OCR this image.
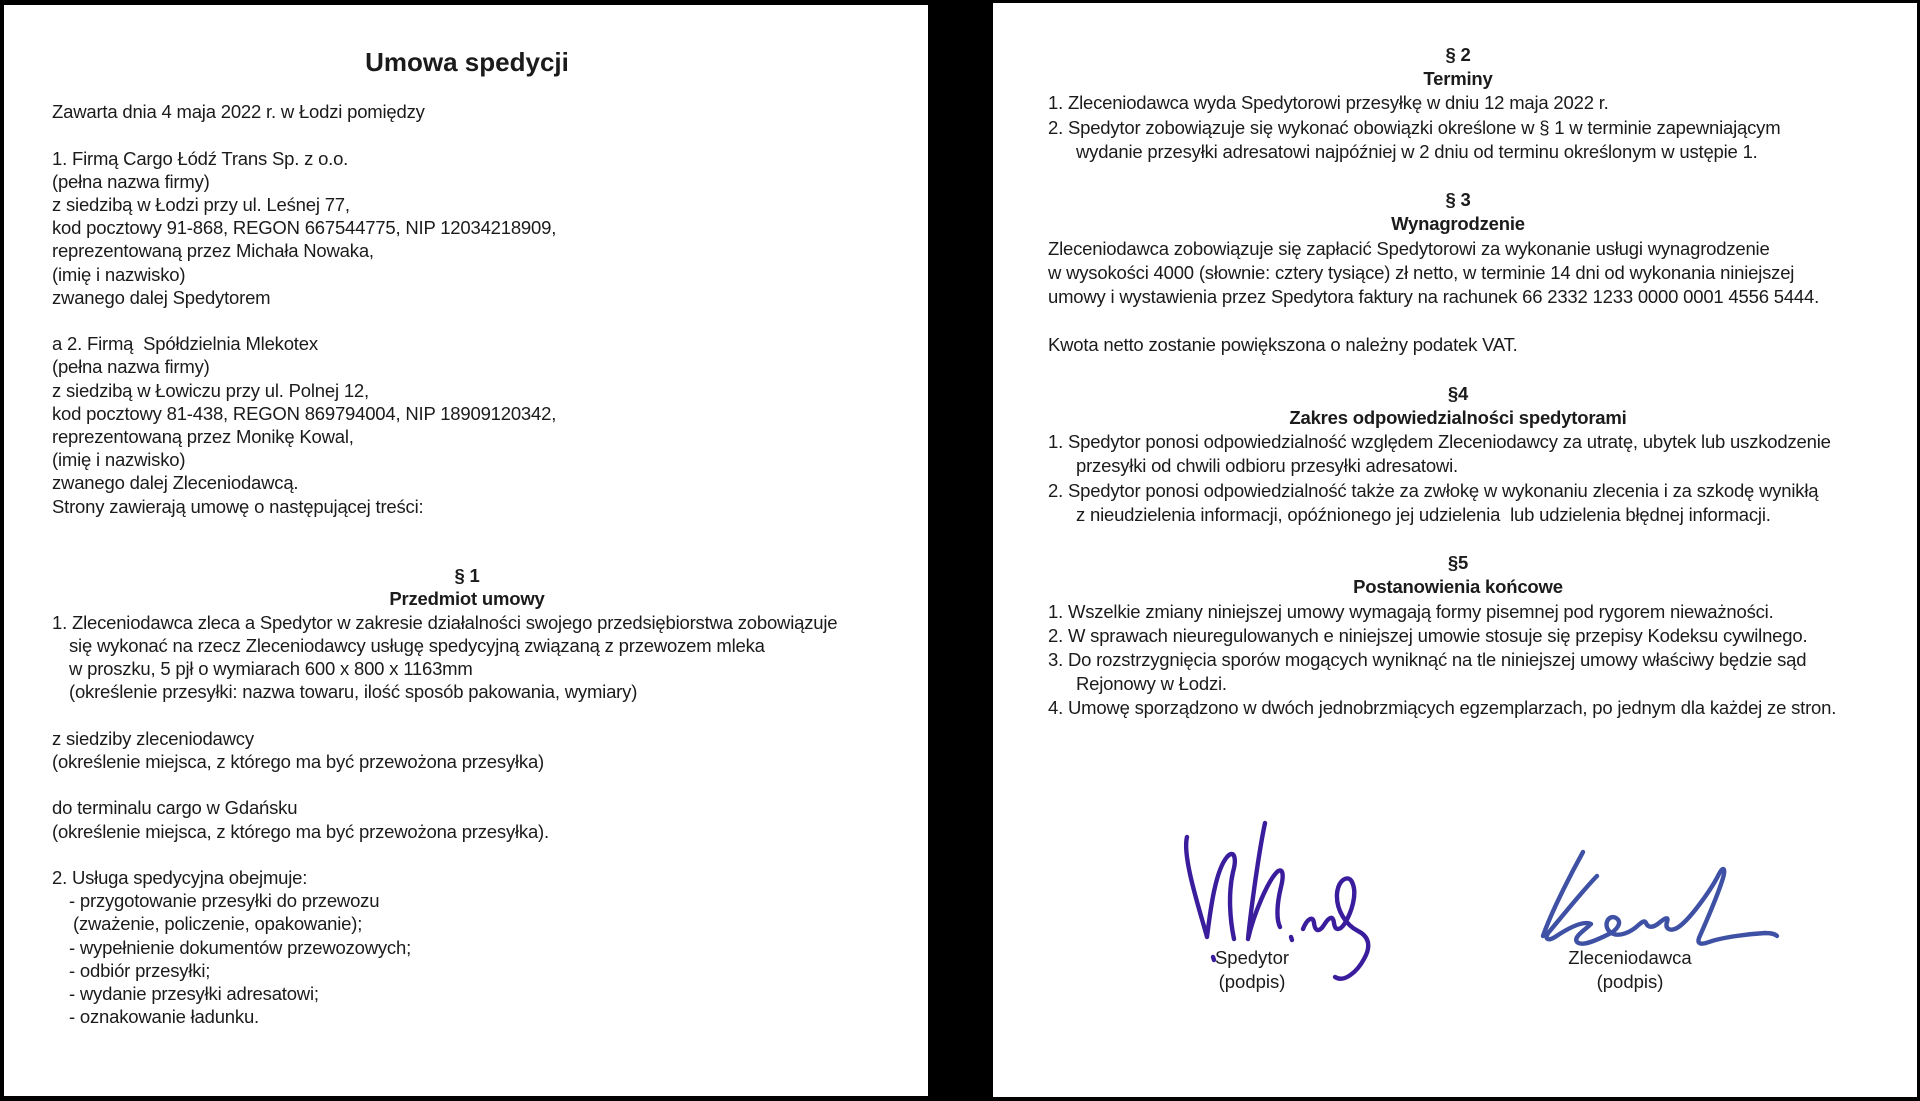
Umowa spedycji

Zawarta dnia 4 maja 2022 r. w Łodzi pomiędzy

1. Firmą Cargo Łódź Trans Sp. z o.o.
(pełna nazwa firmy)
z siedzibą w Łodzi przy ul. Leśnej 77,
kod pocztowy 91-868, REGON 667544775, NIP 12034218909,
reprezentowaną przez Michała Nowaka,
(imię i nazwisko)
zwanego dalej Spedytorem

a 2. Firmą  Spółdzielnia Mlekotex
(pełna nazwa firmy)
z siedzibą w Łowiczu przy ul. Polnej 12,
kod pocztowy 81-438, REGON 869794004, NIP 18909120342,
reprezentowaną przez Monikę Kowal,
(imię i nazwisko)
zwanego dalej Zleceniodawcą.
Strony zawierają umowę o następującej treści:

§ 1
Przedmiot umowy
1. Zleceniodawca zleca a Spedytor w zakresie działalności swojego przedsiębiorstwa zobowiązuje
się wykonać na rzecz Zleceniodawcy usługę spedycyjną związaną z przewozem mleka
w proszku, 5 pjł o wymiarach 600 x 800 x 1163mm
(określenie przesyłki: nazwa towaru, ilość sposób pakowania, wymiary)

z siedziby zleceniodawcy
(określenie miejsca, z którego ma być przewożona przesyłka)

do terminalu cargo w Gdańsku
(określenie miejsca, z którego ma być przewożona przesyłka).

2. Usługa spedycyjna obejmuje:
- przygotowanie przesyłki do przewozu
(zważenie, policzenie, opakowanie);
- wypełnienie dokumentów przewozowych;
- odbiór przesyłki;
- wydanie przesyłki adresatowi;
- oznakowanie ładunku.
§ 2
Terminy
1. Zleceniodawca wyda Spedytorowi przesyłkę w dniu 12 maja 2022 r.
2. Spedytor zobowiązuje się wykonać obowiązki określone w § 1 w terminie zapewniającym
wydanie przesyłki adresatowi najpóźniej w 2 dniu od terminu określonym w ustępie 1.

§ 3
Wynagrodzenie
Zleceniodawca zobowiązuje się zapłacić Spedytorowi za wykonanie usługi wynagrodzenie
w wysokości 4000 (słownie: cztery tysiące) zł netto, w terminie 14 dni od wykonania niniejszej
umowy i wystawienia przez Spedytora faktury na rachunek 66 2332 1233 0000 0001 4556 5444.

Kwota netto zostanie powiększona o należny podatek VAT.

§4
Zakres odpowiedzialności spedytorami
1. Spedytor ponosi odpowiedzialność względem Zleceniodawcy za utratę, ubytek lub uszkodzenie
przesyłki od chwili odbioru przesyłki adresatowi.
2. Spedytor ponosi odpowiedzialność także za zwłokę w wykonaniu zlecenia i za szkodę wynikłą
z nieudzielenia informacji, opóźnionego jej udzielenia  lub udzielenia błędnej informacji.

§5
Postanowienia końcowe
1. Wszelkie zmiany niniejszej umowy wymagają formy pisemnej pod rygorem nieważności.
2. W sprawach nieuregulowanych e niniejszej umowie stosuje się przepisy Kodeksu cywilnego.
3. Do rozstrzygnięcia sporów mogących wyniknąć na tle niniejszej umowy właściwy będzie sąd
Rejonowy w Łodzi.
4. Umowę sporządzono w dwóch jednobrzmiących egzemplarzach, po jednym dla każdej ze stron.
Spedytor
(podpis)
Zleceniodawca
(podpis)
